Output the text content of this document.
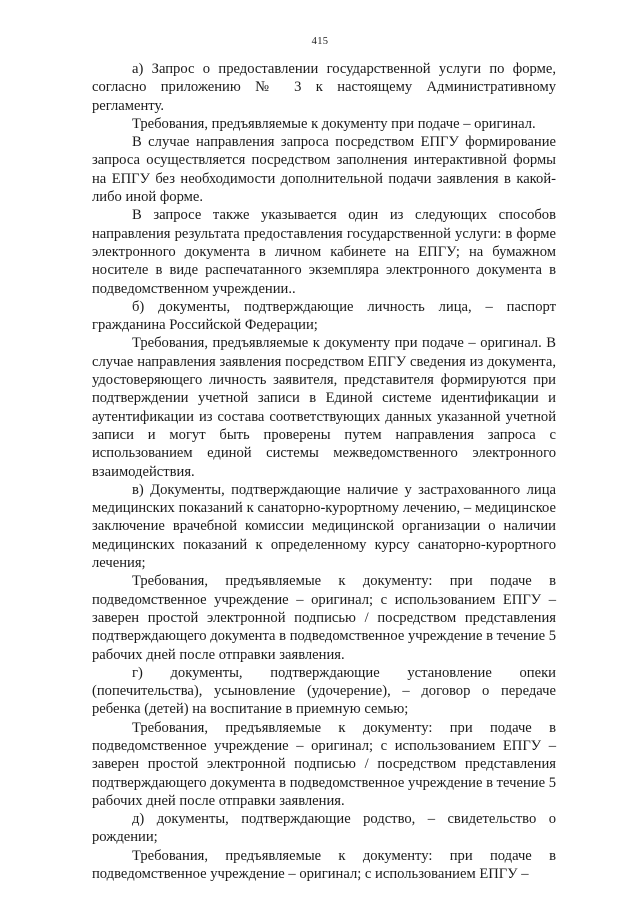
415

а) Запрос о предоставлении государственной услуги по форме, согласно приложению № 3 к настоящему Административному регламенту.

Требования, предъявляемые к документу при подаче – оригинал.

В случае направления запроса посредством ЕПГУ формирование запроса осуществляется посредством заполнения интерактивной формы на ЕПГУ без необходимости дополнительной подачи заявления в какой-либо иной форме.

В запросе также указывается один из следующих способов направления результата предоставления государственной услуги: в форме электронного документа в личном кабинете на ЕПГУ; на бумажном носителе в виде распечатанного экземпляра электронного документа в подведомственном учреждении..

б) документы, подтверждающие личность лица, – паспорт гражданина Российской Федерации;

Требования, предъявляемые к документу при подаче – оригинал. В случае направления заявления посредством ЕПГУ сведения из документа, удостоверяющего личность заявителя, представителя формируются при подтверждении учетной записи в Единой системе идентификации и аутентификации из состава соответствующих данных указанной учетной записи и могут быть проверены путем направления запроса с использованием единой системы межведомственного электронного взаимодействия.

в) Документы, подтверждающие наличие у застрахованного лица медицинских показаний к санаторно-курортному лечению, – медицинское заключение врачебной комиссии медицинской организации о наличии медицинских показаний к определенному курсу санаторно-курортного лечения;

Требования, предъявляемые к документу: при подаче в подведомственное учреждение – оригинал; с использованием ЕПГУ – заверен простой электронной подписью / посредством представления подтверждающего документа в подведомственное учреждение в течение 5 рабочих дней после отправки заявления.

г) документы, подтверждающие установление опеки (попечительства), усыновление (удочерение), – договор о передаче ребенка (детей) на воспитание в приемную семью;

Требования, предъявляемые к документу: при подаче в подведомственное учреждение – оригинал; с использованием ЕПГУ – заверен простой электронной подписью / посредством представления подтверждающего документа в подведомственное учреждение в течение 5 рабочих дней после отправки заявления.

д) документы, подтверждающие родство, – свидетельство о рождении;

Требования, предъявляемые к документу: при подаче в подведомственное учреждение – оригинал; с использованием ЕПГУ –
